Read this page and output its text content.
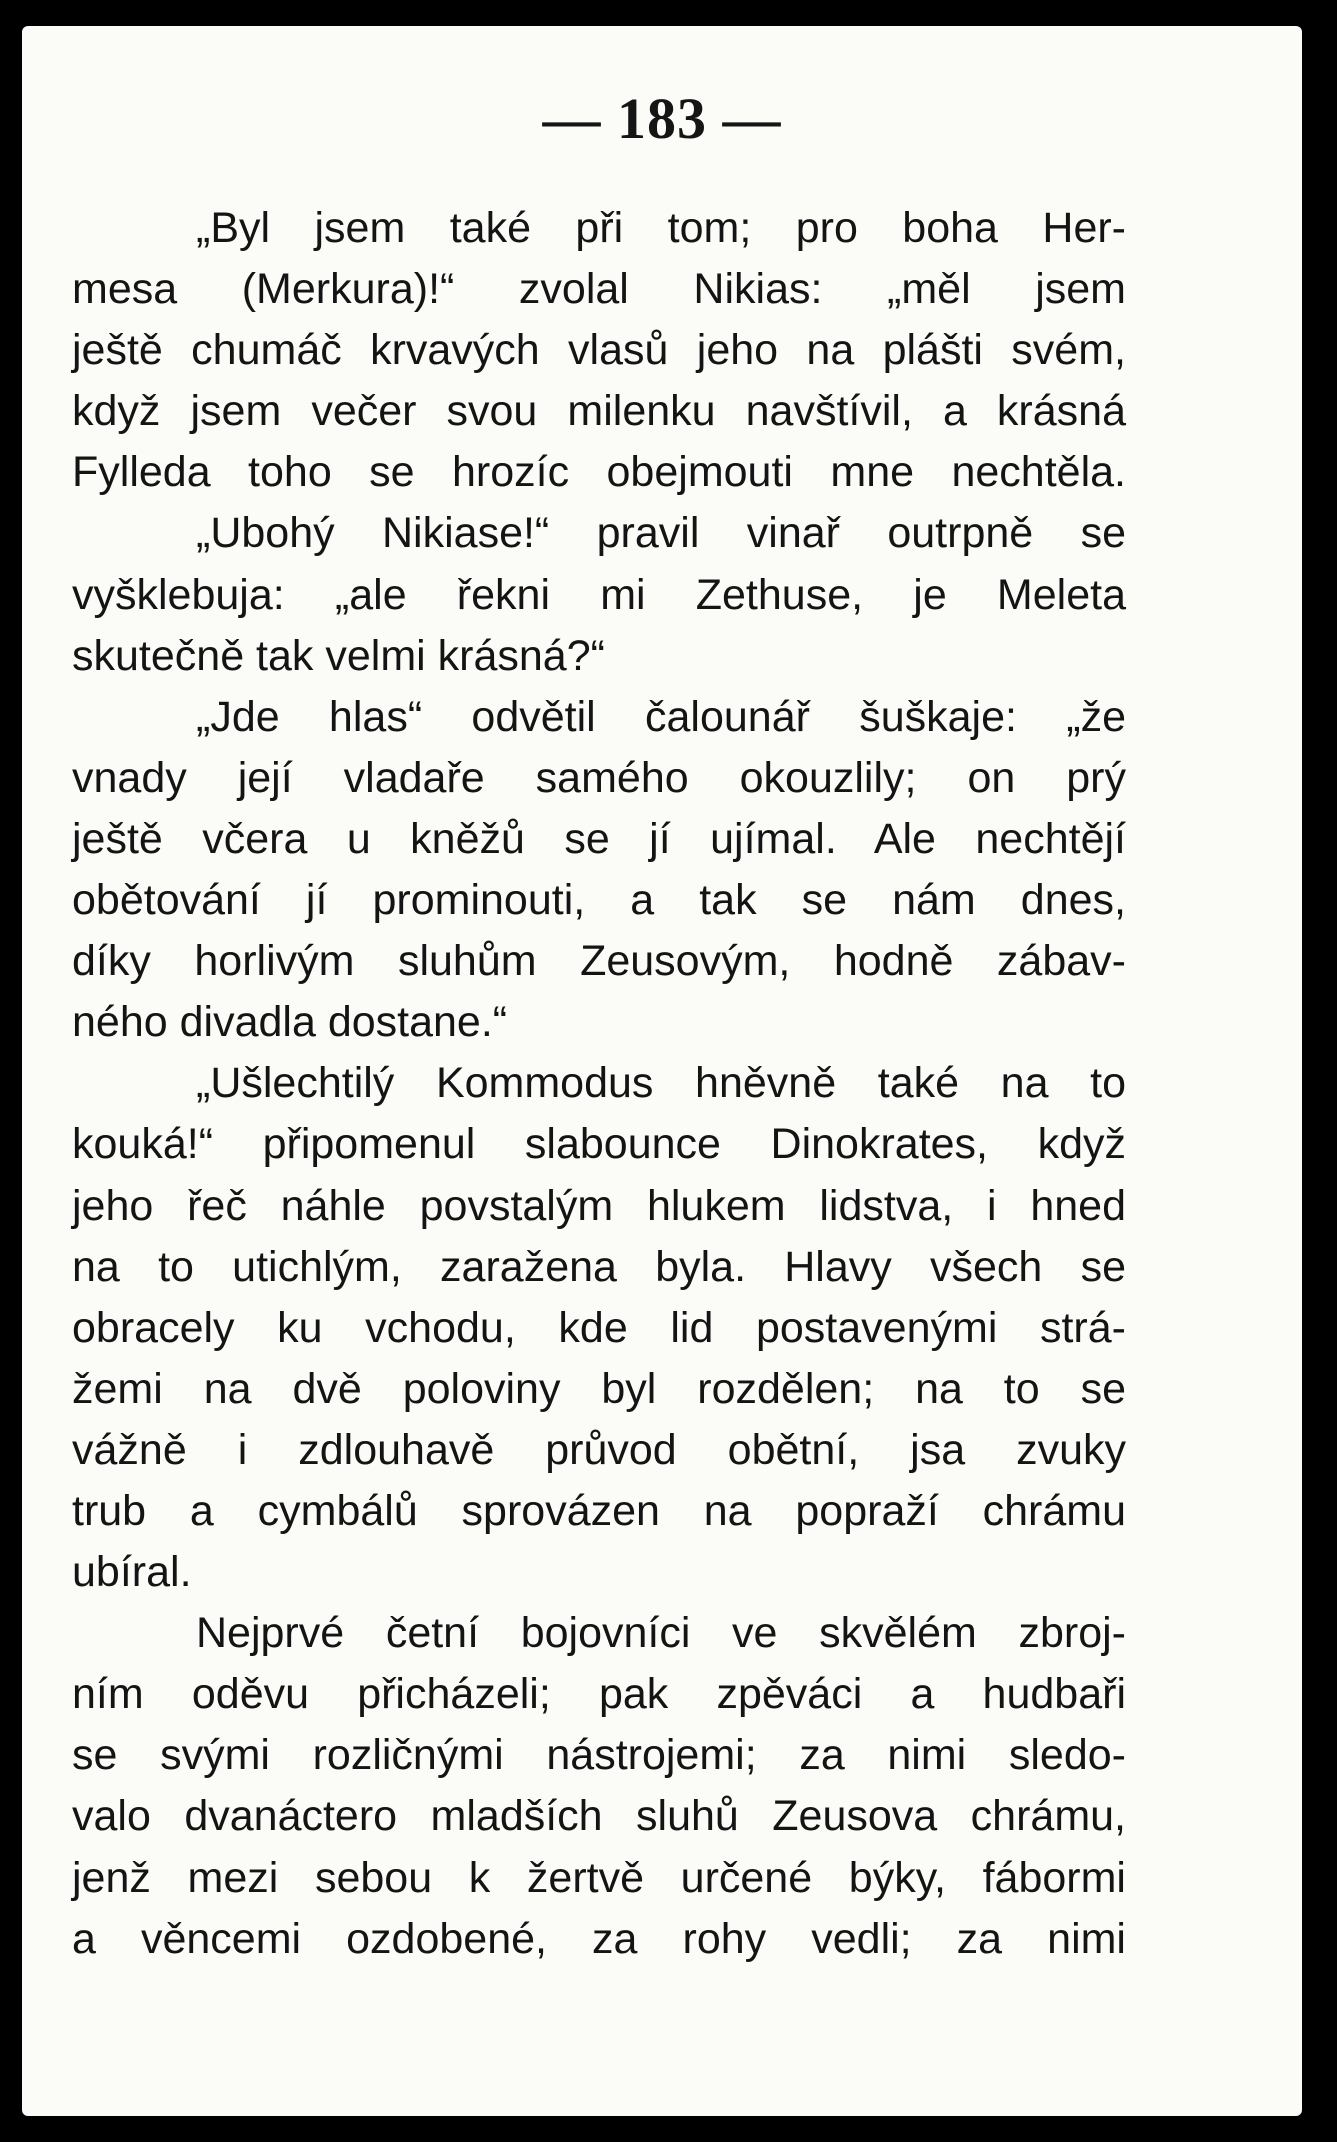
— 183 —
„Byl jsem také při tom; pro boha Her-
mesa (Merkura)!“ zvolal Nikias: „měl jsem
ještě chumáč krvavých vlasů jeho na plášti svém,
když jsem večer svou milenku navštívil, a krásná
Fylleda toho se hrozíc obejmouti mne nechtěla.
„Ubohý Nikiase!“ pravil vinař outrpně se
vyšklebuja: „ale řekni mi Zethuse, je Meleta
skutečně tak velmi krásná?“
„Jde hlas“ odvětil čalounář šuškaje: „že
vnady její vladaře samého okouzlily; on prý
ještě včera u kněžů se jí ujímal. Ale nechtějí
obětování jí prominouti, a tak se nám dnes,
díky horlivým sluhům Zeusovým, hodně zábav-
ného divadla dostane.“
„Ušlechtilý Kommodus hněvně také na to
kouká!“ připomenul slabounce Dinokrates, když
jeho řeč náhle povstalým hlukem lidstva, i hned
na to utichlým, zaražena byla. Hlavy všech se
obracely ku vchodu, kde lid postavenými strá-
žemi na dvě poloviny byl rozdělen; na to se
vážně i zdlouhavě průvod obětní, jsa zvuky
trub a cymbálů sprovázen na popraží chrámu
ubíral.
Nejprvé četní bojovníci ve skvělém zbroj-
ním oděvu přicházeli; pak zpěváci a hudbaři
se svými rozličnými nástrojemi; za nimi sledo-
valo dvanáctero mladších sluhů Zeusova chrámu,
jenž mezi sebou k žertvě určené býky, fábormi
a věncemi ozdobené, za rohy vedli; za nimi
